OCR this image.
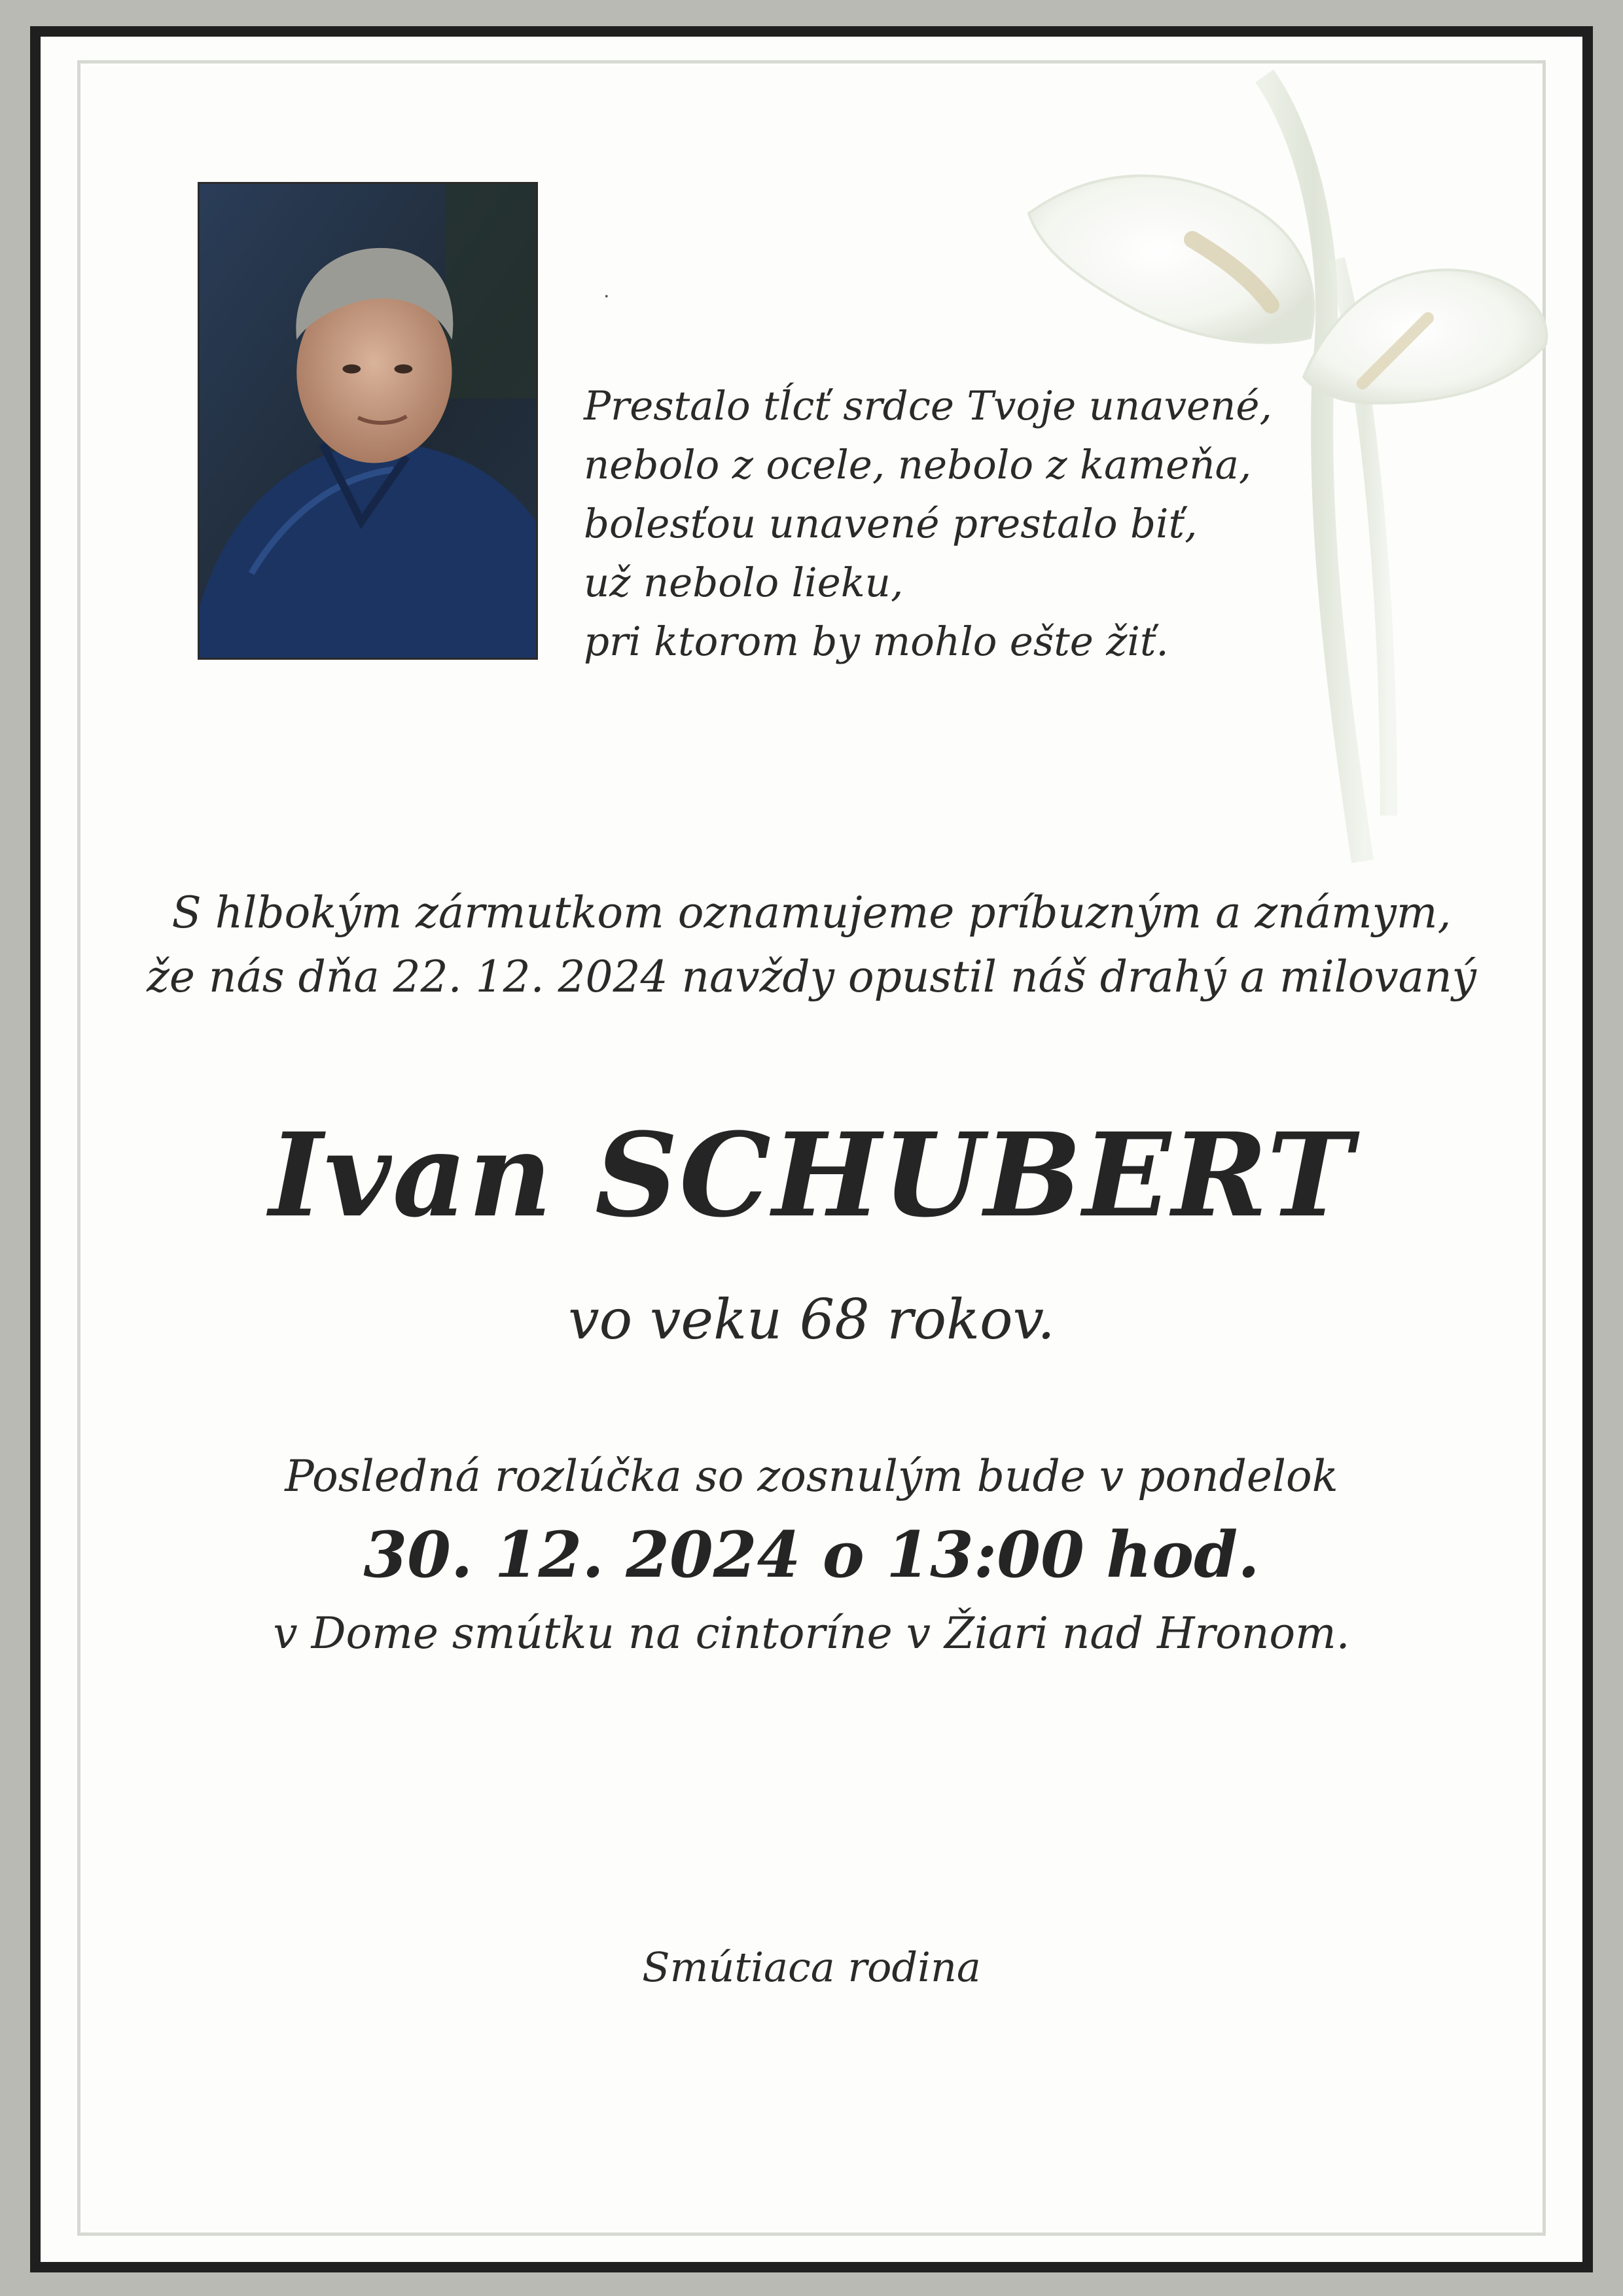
·
Prestalo tĺcť srdce Tvoje unavené,
nebolo z ocele, nebolo z kameňa,
bolesťou unavené prestalo biť,
už nebolo lieku,
pri ktorom by mohlo ešte žiť.
S hlbokým zármutkom oznamujeme príbuzným a známym,
že nás dňa 22. 12. 2024 navždy opustil náš drahý a milovaný
Ivan SCHUBERT
vo veku 68 rokov.
Posledná rozlúčka so zosnulým bude v pondelok
30. 12. 2024 o 13:00 hod.
v Dome smútku na cintoríne v Žiari nad Hronom.
Smútiaca rodina
